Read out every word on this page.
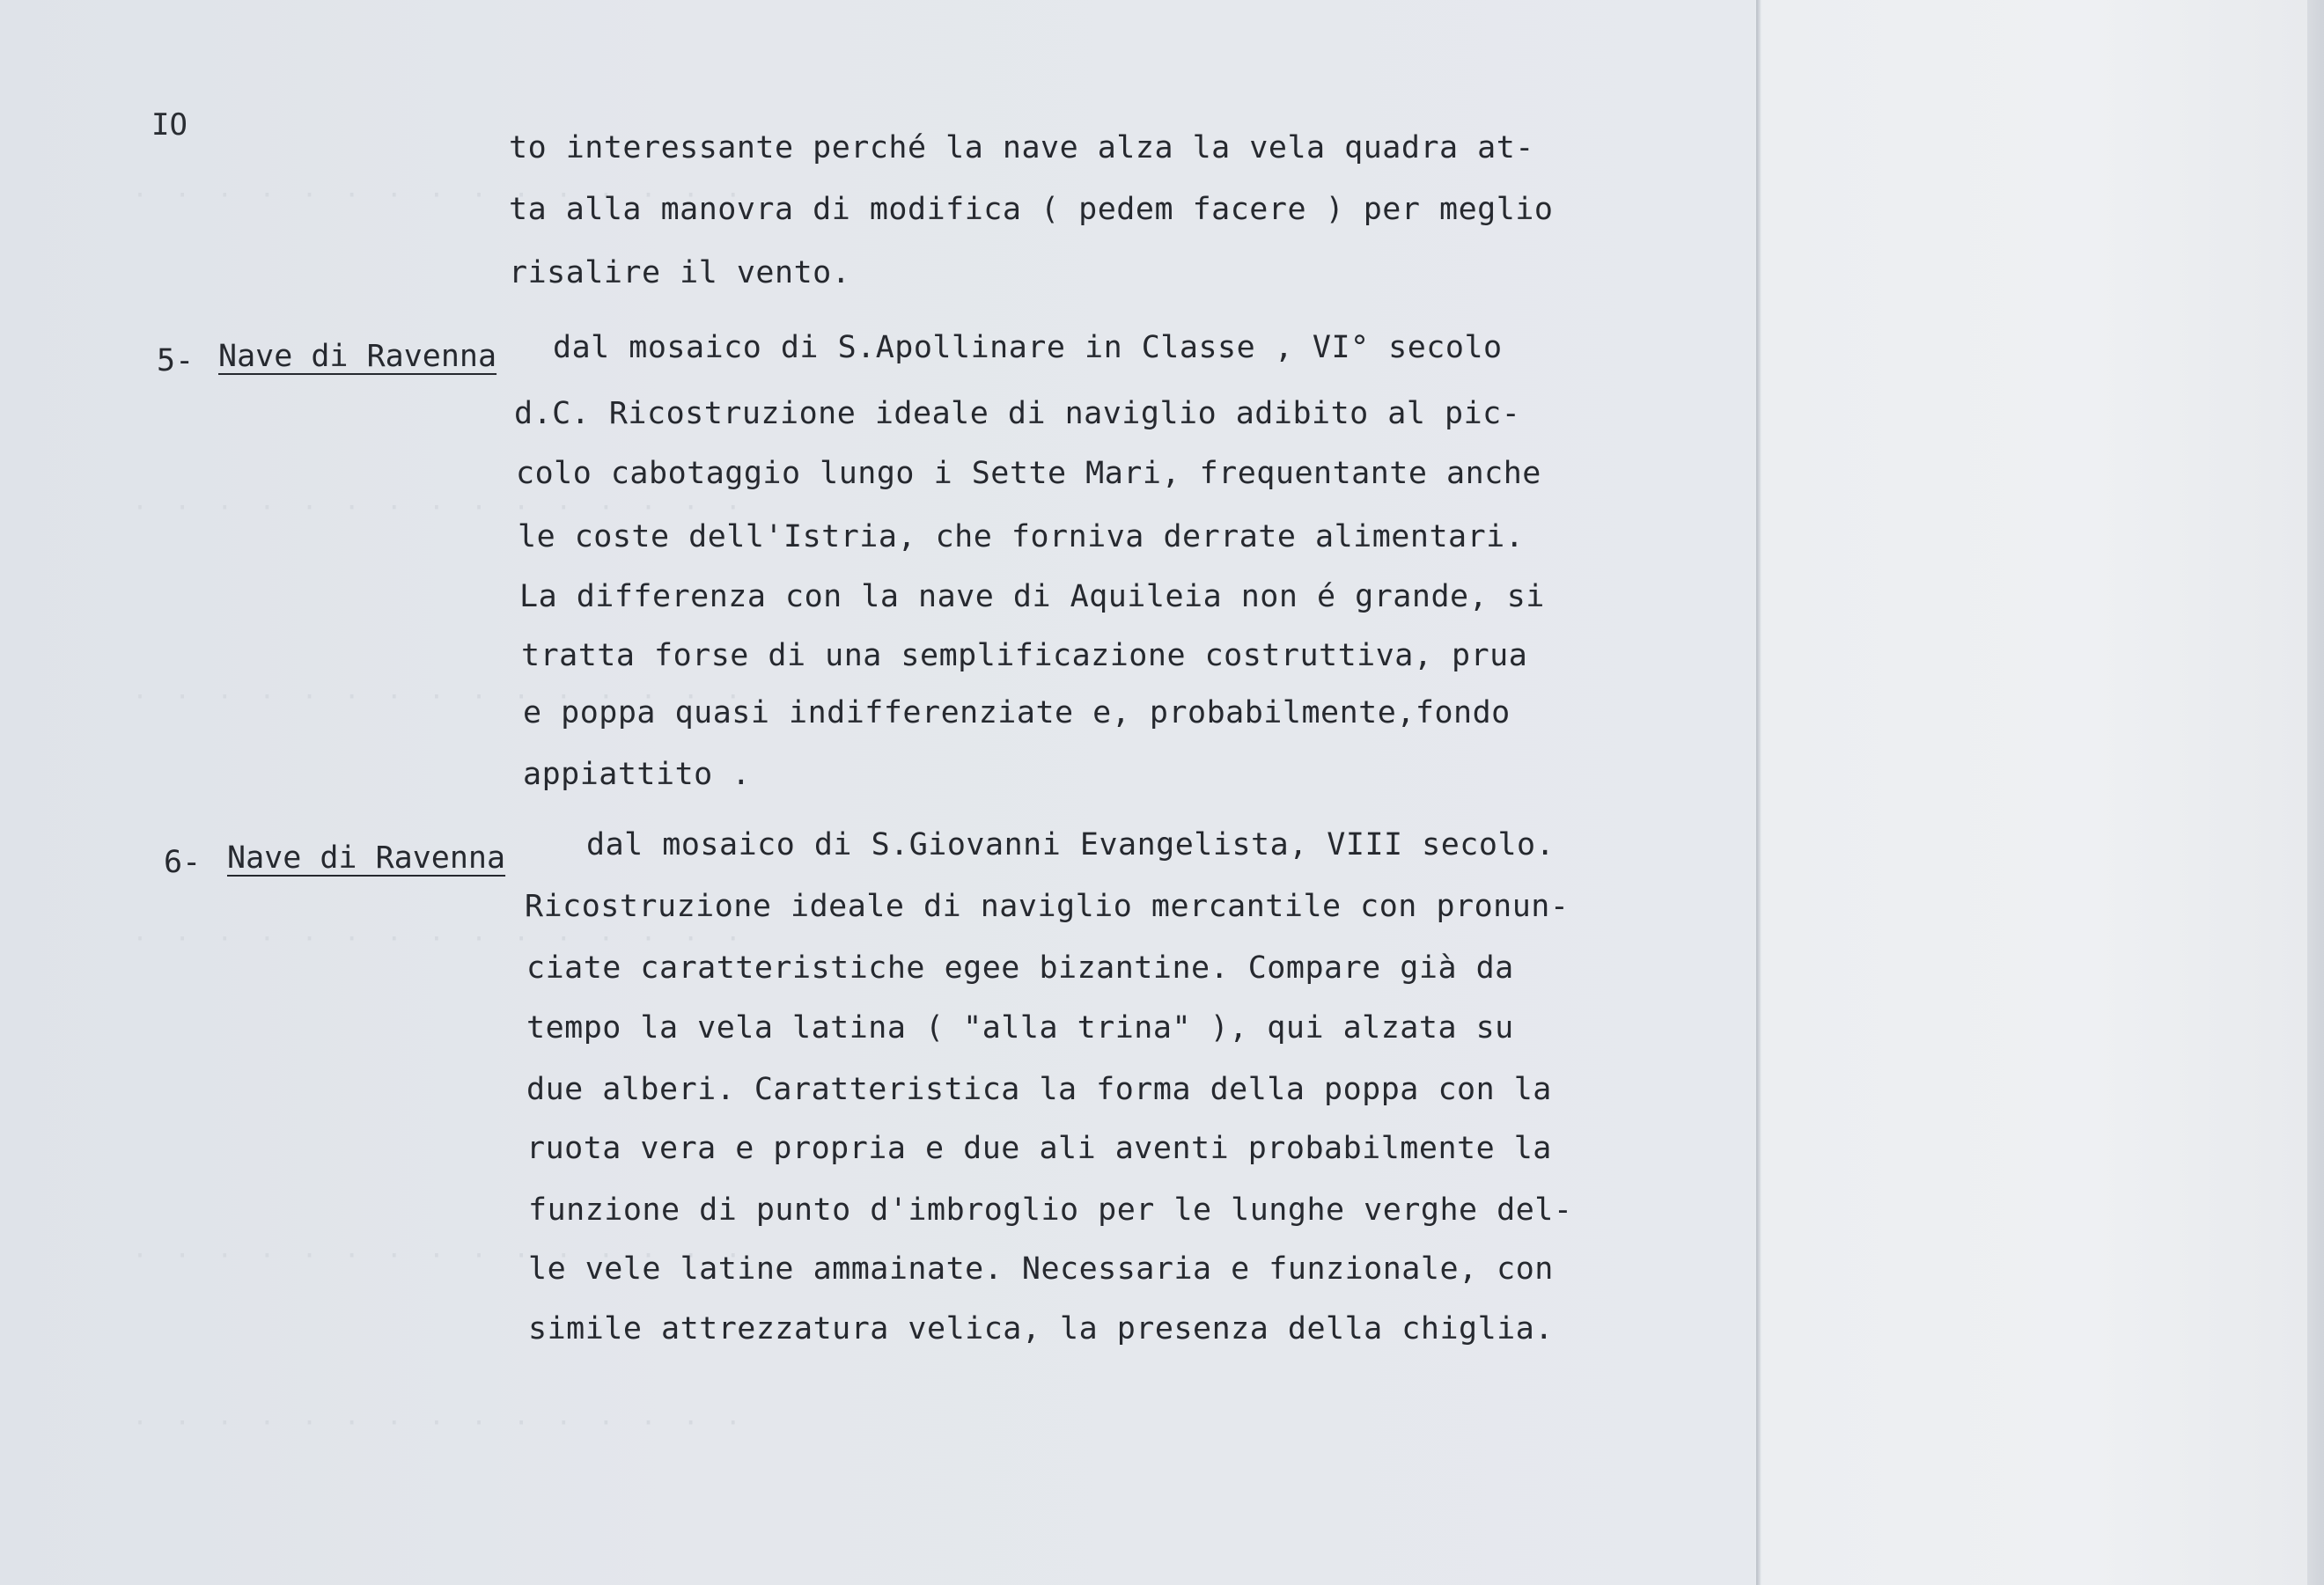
· · · · · · · · · · · · · · ·
· · · · · · · · · · · · · · ·
· · · · · · · · · · · · · · ·
· · · · · · · · · · · · · · ·
· · · · · · · · · · · · · · ·
· · · · · · · · · · · · · · ·
IO
to interessante perché la nave alza la vela quadra at-
ta alla manovra di modifica ( pedem facere ) per meglio
risalire il vento.
5- Nave di Ravenna dal mosaico di S.Apollinare in Classe , VI° secolo
d.C. Ricostruzione ideale di naviglio adibito al pic-
colo cabotaggio lungo i Sette Mari, frequentante anche
le coste dell'Istria, che forniva derrate alimentari.
La differenza con la nave di Aquileia non é grande, si
tratta forse di una semplificazione costruttiva, prua
e poppa quasi indifferenziate e, probabilmente,fondo
appiattito .
6- Nave di Ravenna	dal mosaico di S.Giovanni Evangelista, VIII secolo.
Ricostruzione ideale di naviglio mercantile con pronun-
ciate caratteristiche egee bizantine. Compare già da
tempo la vela latina ( "alla trina" ), qui alzata su
due alberi. Caratteristica la forma della poppa con la
ruota vera e propria e due ali aventi probabilmente la
funzione di punto d'imbroglio per le lunghe verghe del-
le vele latine ammainate. Necessaria e funzionale, con
simile attrezzatura velica, la presenza della chiglia.
